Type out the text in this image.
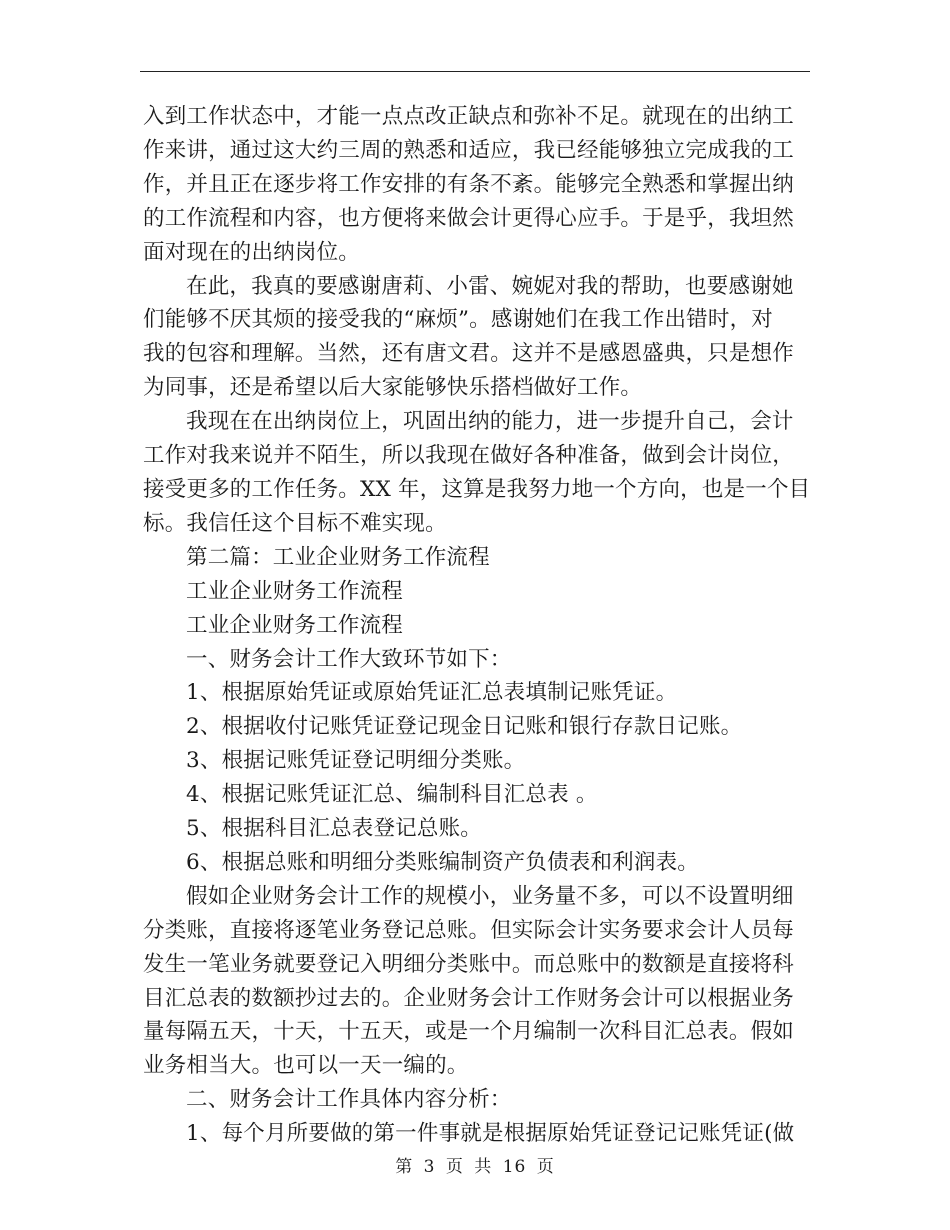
入到工作状态中，才能一点点改正缺点和弥补不足。就现在的出纳工

作来讲，通过这大约三周的熟悉和适应，我已经能够独立完成我的工

作，并且正在逐步将工作安排的有条不紊。能够完全熟悉和掌握出纳

的工作流程和内容，也方便将来做会计更得心应手。于是乎，我坦然

面对现在的出纳岗位。

在此，我真的要感谢唐莉、小雷、婉妮对我的帮助，也要感谢她

们能够不厌其烦的接受我的“麻烦”。感谢她们在我工作出错时，对

我的包容和理解。当然，还有唐文君。这并不是感恩盛典，只是想作

为同事，还是希望以后大家能够快乐搭档做好工作。

我现在在出纳岗位上，巩固出纳的能力，进一步提升自己，会计

工作对我来说并不陌生，所以我现在做好各种准备，做到会计岗位，

接受更多的工作任务。XX 年，这算是我努力地一个方向，也是一个目

标。我信任这个目标不难实现。

第二篇：工业企业财务工作流程

工业企业财务工作流程

工业企业财务工作流程

一、财务会计工作大致环节如下：

1、根据原始凭证或原始凭证汇总表填制记账凭证。

2、根据收付记账凭证登记现金日记账和银行存款日记账。

3、根据记账凭证登记明细分类账。

4、根据记账凭证汇总、编制科目汇总表 。

5、根据科目汇总表登记总账。

6、根据总账和明细分类账编制资产负债表和利润表。

假如企业财务会计工作的规模小，业务量不多，可以不设置明细

分类账，直接将逐笔业务登记总账。但实际会计实务要求会计人员每

发生一笔业务就要登记入明细分类账中。而总账中的数额是直接将科

目汇总表的数额抄过去的。企业财务会计工作财务会计可以根据业务

量每隔五天，十天，十五天，或是一个月编制一次科目汇总表。假如

业务相当大。也可以一天一编的。

二、财务会计工作具体内容分析：

1、每个月所要做的第一件事就是根据原始凭证登记记账凭证(做

第 3 页 共 16 页
